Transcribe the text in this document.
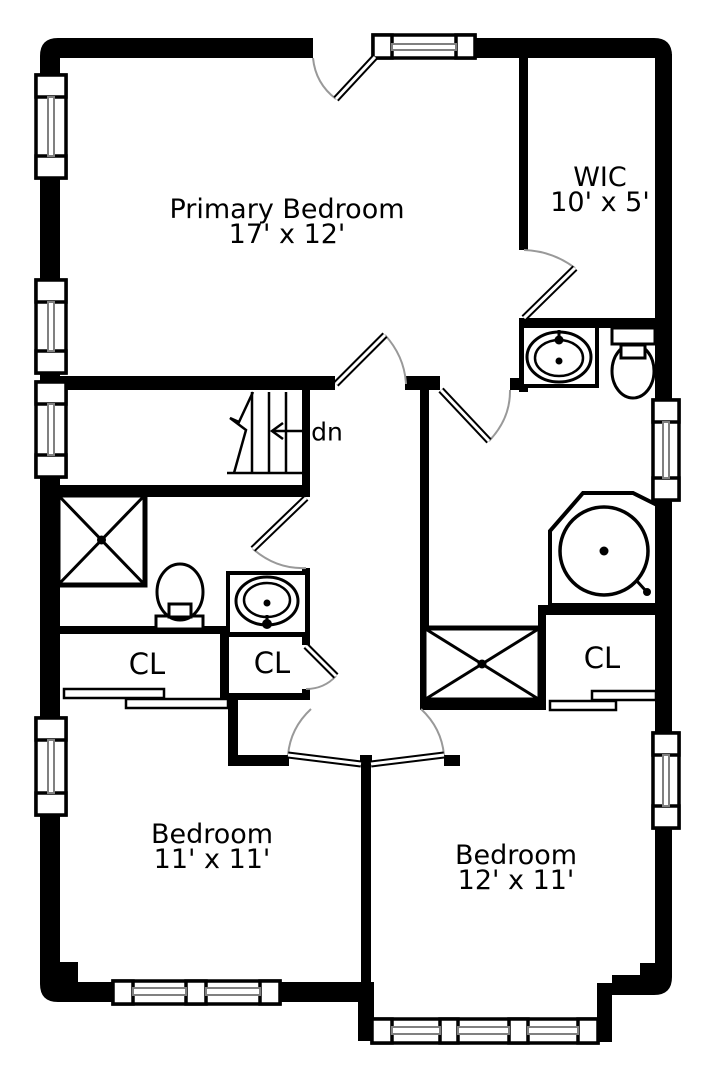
Primary Bedroom
17' x 12'
WIC
10' x 5'
Bedroom
11' x 11'	Bedroom
12' x 11'
CL	CL	CL
dn
